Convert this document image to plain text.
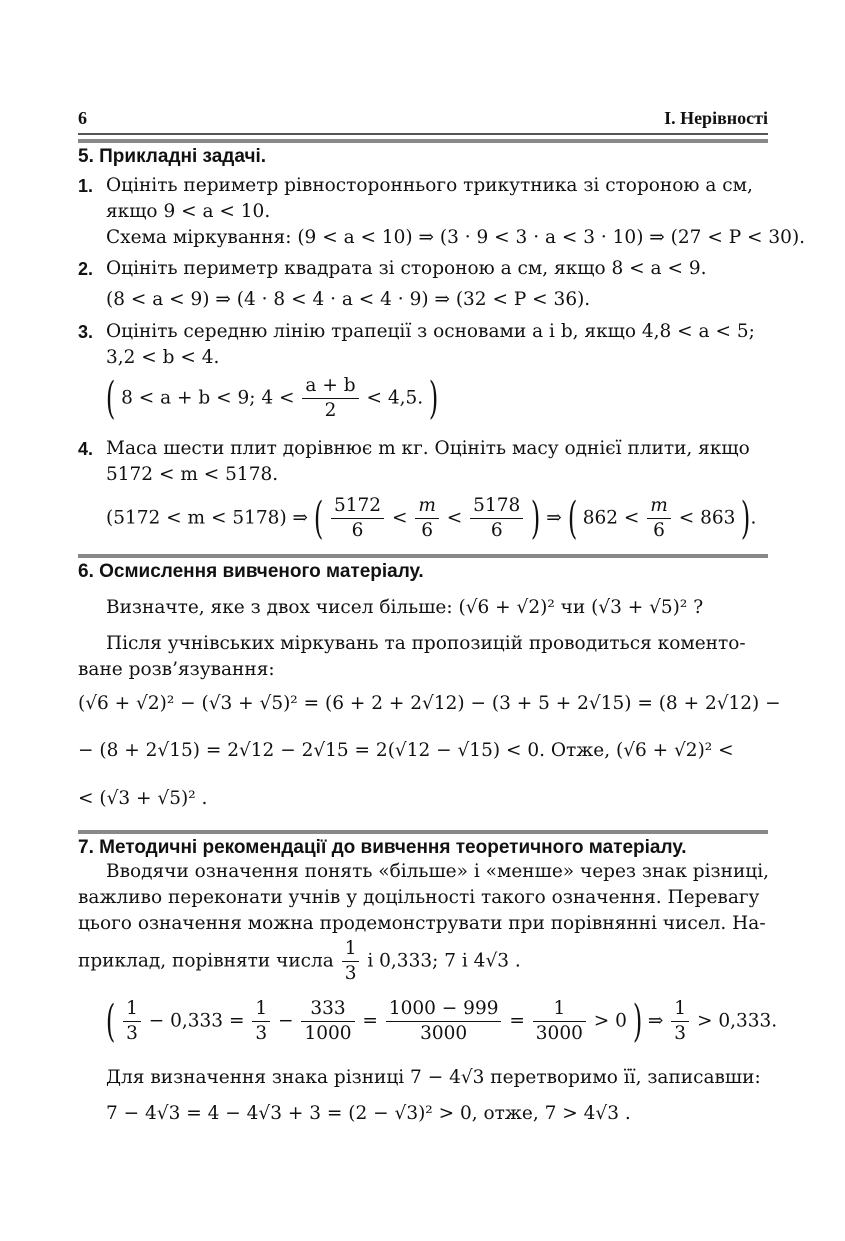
6	І. Нерівності
5. Прикладні задачі.
1. Оцініть периметр рівностороннього трикутника зі стороною a см,
якщо 9 < a < 10.
Схема міркування: (9 < a < 10) ⇒ (3 · 9 < 3 · a < 3 · 10) ⇒ (27 < P < 30).
2. Оцініть периметр квадрата зі стороною a см, якщо 8 < a < 9.
(8 < a < 9) ⇒ (4 · 8 < 4 · a < 4 · 9) ⇒ (32 < P < 36).
3. Оцініть середню лінію трапеції з основами a і b, якщо 4,8 < a < 5;
3,2 < b < 4.
( 8 < a + b < 9; $4 < \frac{a + b}{2} < 4,5$. )
4. Маса шести плит дорівнює m кг. Оцініть масу однієї плити, якщо
5172 < m < 5178.
(5172 < m < 5178) ⇒ ( $\frac{5172}{6} < \frac{m}{6} < \frac{5178}{6}$ ) ⇒ ( $862 < \frac{m}{6} < 863$ ).
6. Осмислення вивченого матеріалу.
Визначте, яке з двох чисел більше: (√6 + √2)² чи (√3 + √5)² ?
Після учнівських міркувань та пропозицій проводиться коменто-
ване розв’язування:
(√6 + √2)² − (√3 + √5)² = (6 + 2 + 2√12) − (3 + 5 + 2√15) = (8 + 2√12) −
− (8 + 2√15) = 2√12 − 2√15 = 2(√12 − √15) < 0. Отже, (√6 + √2)² <
< (√3 + √5)² .
7. Методичні рекомендації до вивчення теоретичного матеріалу.
Вводячи означення понять «більше» і «менше» через знак різниці,
важливо переконати учнів у доцільності такого означення. Перевагу
цього означення можна продемонструвати при порівнянні чисел. На-
приклад, порівняти числа $\frac{1}{3}$ і 0,333; 7 і 4√3 .
( $\frac{1}{3} - 0,333 = \frac{1}{3} - \frac{333}{1000} = \frac{1000 - 999}{3000} = \frac{1}{3000} > 0$ ) ⇒ $\frac{1}{3} > 0,333$.
Для визначення знака різниці 7 − 4√3 перетворимо її, записавши:
7 − 4√3 = 4 − 4√3 + 3 = (2 − √3)² > 0, отже, 7 > 4√3 .
